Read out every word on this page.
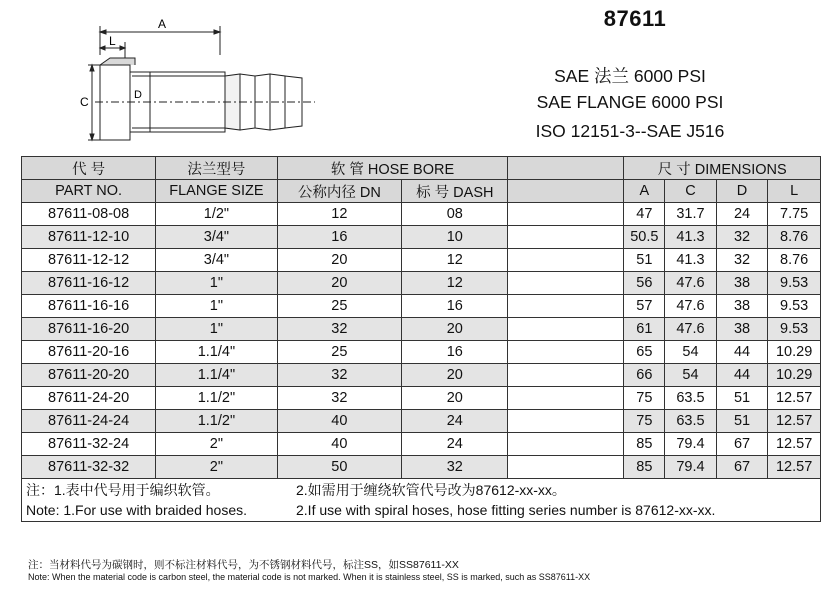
A
L
C	D
87611
SAE 法兰 6000 PSI
SAE FLANGE 6000 PSI
ISO 12151-3--SAE J516
代 号	法兰型号	软 管 HOSE BORE			尺 寸 DIMENSIONS			
PART NO.	FLANGE SIZE	公称内径 DN	标 号 DASH		A	C	D	L
87611-08-08	1/2"	12	08		47	31.7	24	7.75
87611-12-10	3/4"	16	10		50.5	41.3	32	8.76
87611-12-12	3/4"	20	12		51	41.3	32	8.76
87611-16-12	1"	20	12		56	47.6	38	9.53
87611-16-16	1"	25	16		57	47.6	38	9.53
87611-16-20	1"	32	20		61	47.6	38	9.53
87611-20-16	1.1/4"	25	16		65	54	44	10.29
87611-20-20	1.1/4"	32	20		66	54	44	10.29
87611-24-20	1.1/2"	32	20		75	63.5	51	12.57
87611-24-24	1.1/2"	40	24		75	63.5	51	12.57
87611-32-24	2"	40	24		85	79.4	67	12.57
87611-32-32	2"	50	32		85	79.4	67	12.57

注：1.表中代号用于编织软管。 2.如需用于缠绕软管代号改为87612-xx-xx。
Note: 1.For use with braided hoses. 2.If use with spiral hoses, hose fitting series number is 87612-xx-xx.								
注：当材料代号为碳钢时，则不标注材料代号，为不锈钢材料代号，标注SS，如SS87611-XX
Note: When the material code is carbon steel, the material code is not marked. When it is stainless steel, SS is marked, such as SS87611-XX
